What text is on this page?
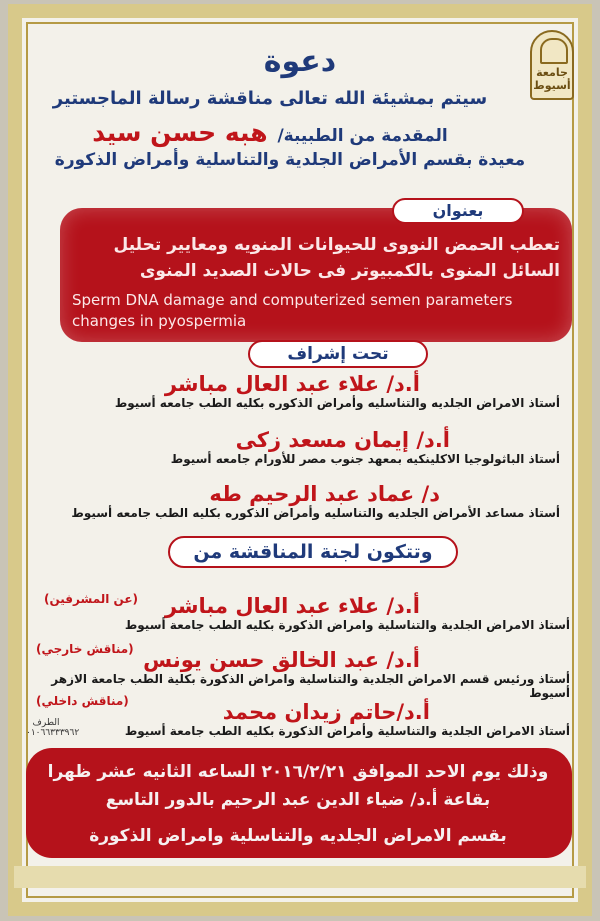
جامعة أسيوط
دعوة
سيتم بمشيئة الله تعالى مناقشة رسالة الماجستير
المقدمة من الطبيبة/ هبه حسن سيد
معيدة بقسم الأمراض الجلدية والتناسلية وأمراض الذكورة
بعنوان
تعطب الحمض النووى للحيوانات المنويه ومعايير تحليل السائل المنوى بالكمبيوتر فى حالات الصديد المنوى
Sperm DNA damage and computerized semen parameters changes in pyospermia
تحت إشراف
أ.د/ علاء عبد العال مباشر
أستاذ الامراض الجلديه والتناسليه وأمراض الذكوره بكليه الطب جامعه أسيوط
أ.د/ إيمان مسعد زكى
أستاذ الباثولوجيا الاكلينكيه بمعهد جنوب مصر للأورام جامعه أسيوط
د/ عماد عبد الرحيم طه
أستاذ مساعد الأمراض الجلديه والتناسليه وأمراض الذكوره بكليه الطب جامعه أسيوط
وتتكون لجنة المناقشة من
(عن المشرفين)	أ.د/ علاء عبد العال مباشر
أستاذ الامراض الجلدية والتناسلية وامراض الذكورة بكليه الطب جامعة أسيوط
(مناقش خارجي) أ.د/ عبد الخالق حسن يونس
أستاذ ورئيس قسم الامراض الجلدية والتناسلية وامراض الذكورة بكلية الطب جامعة الازهر أسيوط
(مناقش داخلي)	أ.د/حاتم زيدان محمد
أستاذ الامراض الجلدية والتناسلية وأمراض الذكورة بكليه الطب جامعة أسيوط
الطرف
٠١٠٦٦٣٣٣٩٦٢
وذلك يوم الاحد الموافق ٢٠١٦/٢/٢١ الساعه الثانيه عشر ظهرا
بقاعة أ.د/ ضياء الدين عبد الرحيم بالدور التاسع
بقسم الامراض الجلديه والتناسلية وامراض الذكورة
